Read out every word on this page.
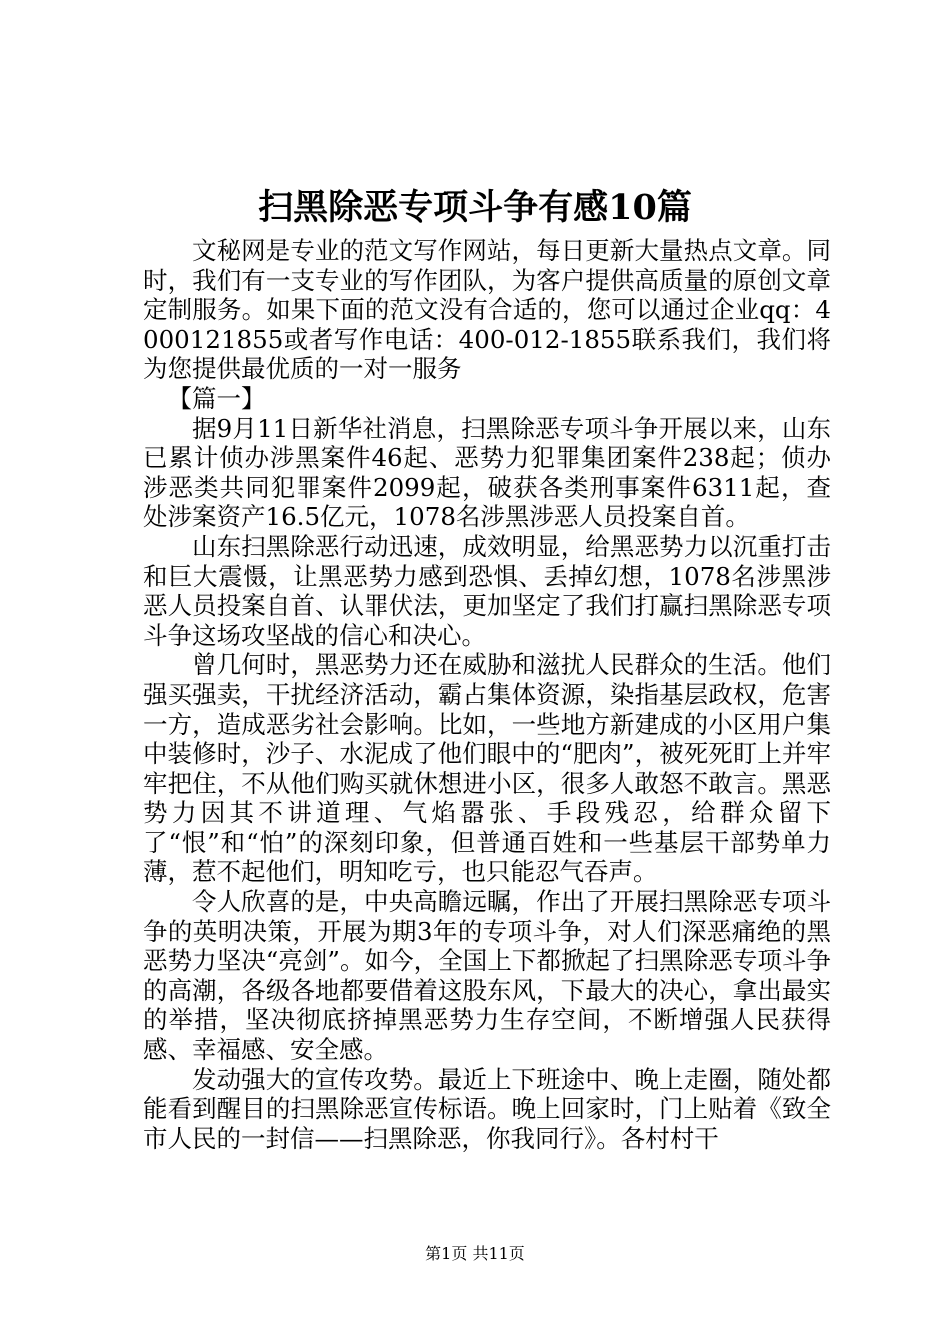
扫黑除恶专项斗争有感10篇

文秘网是专业的范文写作网站，每日更新大量热点文章。同时，我们有一支专业的写作团队，为客户提供高质量的原创文章定制服务。如果下面的范文没有合适的，您可以通过企业qq：4000121855或者写作电话：400-012-1855联系我们，我们将为您提供最优质的一对一服务

【篇一】

据9月11日新华社消息，扫黑除恶专项斗争开展以来，山东已累计侦办涉黑案件46起、恶势力犯罪集团案件238起；侦办涉恶类共同犯罪案件2099起，破获各类刑事案件6311起，查处涉案资产16.5亿元，1078名涉黑涉恶人员投案自首。

山东扫黑除恶行动迅速，成效明显，给黑恶势力以沉重打击和巨大震慑，让黑恶势力感到恐惧、丢掉幻想，1078名涉黑涉恶人员投案自首、认罪伏法，更加坚定了我们打赢扫黑除恶专项斗争这场攻坚战的信心和决心。

曾几何时，黑恶势力还在威胁和滋扰人民群众的生活。他们强买强卖，干扰经济活动，霸占集体资源，染指基层政权，危害一方，造成恶劣社会影响。比如，一些地方新建成的小区用户集中装修时，沙子、水泥成了他们眼中的“肥肉”，被死死盯上并牢牢把住，不从他们购买就休想进小区，很多人敢怒不敢言。黑恶势力因其不讲道理、气焰嚣张、手段残忍，给群众留下了“恨”和“怕”的深刻印象，但普通百姓和一些基层干部势单力薄，惹不起他们，明知吃亏，也只能忍气吞声。

令人欣喜的是，中央高瞻远瞩，作出了开展扫黑除恶专项斗争的英明决策，开展为期3年的专项斗争，对人们深恶痛绝的黑恶势力坚决“亮剑”。如今，全国上下都掀起了扫黑除恶专项斗争的高潮，各级各地都要借着这股东风，下最大的决心，拿出最实的举措，坚决彻底挤掉黑恶势力生存空间，不断增强人民获得感、幸福感、安全感。

发动强大的宣传攻势。最近上下班途中、晚上走圈，随处都能看到醒目的扫黑除恶宣传标语。晚上回家时，门上贴着《致全市人民的一封信——扫黑除恶，你我同行》。各村村干

第1页 共11页
